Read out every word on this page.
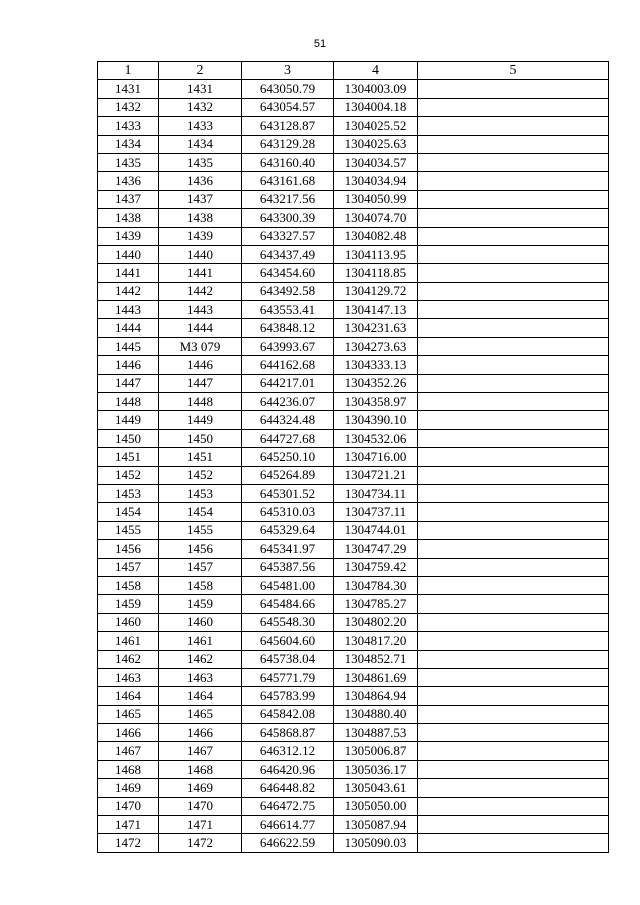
51
1	2	3	4	5
1431	1431	643050.79	1304003.09	
1432	1432	643054.57	1304004.18	
1433	1433	643128.87	1304025.52	
1434	1434	643129.28	1304025.63	
1435	1435	643160.40	1304034.57	
1436	1436	643161.68	1304034.94	
1437	1437	643217.56	1304050.99	
1438	1438	643300.39	1304074.70	
1439	1439	643327.57	1304082.48	
1440	1440	643437.49	1304113.95	
1441	1441	643454.60	1304118.85	
1442	1442	643492.58	1304129.72	
1443	1443	643553.41	1304147.13	
1444	1444	643848.12	1304231.63	
1445	МЗ 079	643993.67	1304273.63	
1446	1446	644162.68	1304333.13	
1447	1447	644217.01	1304352.26	
1448	1448	644236.07	1304358.97	
1449	1449	644324.48	1304390.10	
1450	1450	644727.68	1304532.06	
1451	1451	645250.10	1304716.00	
1452	1452	645264.89	1304721.21	
1453	1453	645301.52	1304734.11	
1454	1454	645310.03	1304737.11	
1455	1455	645329.64	1304744.01	
1456	1456	645341.97	1304747.29	
1457	1457	645387.56	1304759.42	
1458	1458	645481.00	1304784.30	
1459	1459	645484.66	1304785.27	
1460	1460	645548.30	1304802.20	
1461	1461	645604.60	1304817.20	
1462	1462	645738.04	1304852.71	
1463	1463	645771.79	1304861.69	
1464	1464	645783.99	1304864.94	
1465	1465	645842.08	1304880.40	
1466	1466	645868.87	1304887.53	
1467	1467	646312.12	1305006.87	
1468	1468	646420.96	1305036.17	
1469	1469	646448.82	1305043.61	
1470	1470	646472.75	1305050.00	
1471	1471	646614.77	1305087.94	
1472	1472	646622.59	1305090.03	
